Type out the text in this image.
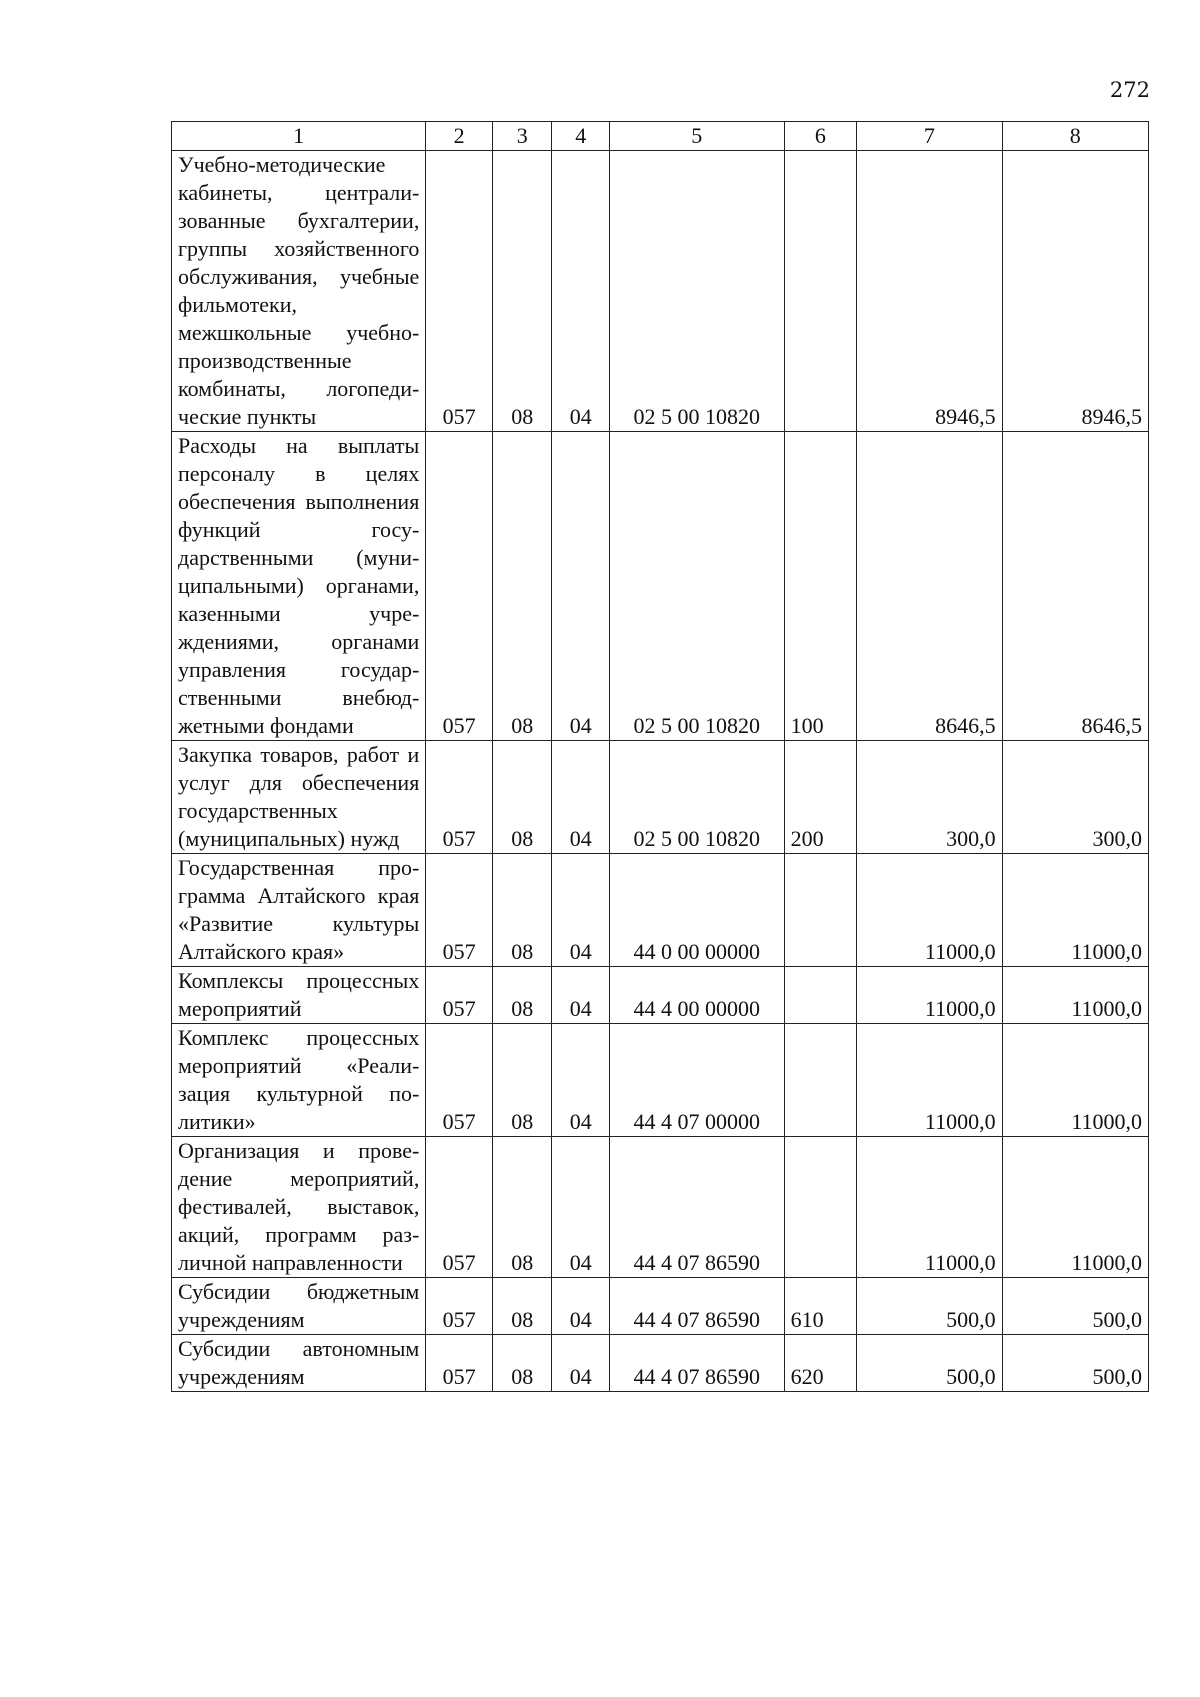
272
1	2	3	4	5	6	7	8
Учебно-методические кабинеты, централизованные бухгалтерии, группы хозяйственного обслуживания, учебные фильмотеки, межшкольные учебно-производственные комбинаты, логопедические пункты	057	08	04	02 5 00 10820		8946,5	8946,5
Расходы на выплаты персоналу в целях обеспечения выполнения функций государственными (муниципальными) органами, казенными учреждениями, органами управления государственными внебюджетными фондами	057	08	04	02 5 00 10820	100	8646,5	8646,5
Закупка товаров, работ и услуг для обеспечения государственных (муниципальных) нужд	057	08	04	02 5 00 10820	200	300,0	300,0
Государственная программа Алтайского края «Развитие культуры Алтайского края»	057	08	04	44 0 00 00000		11000,0	11000,0
Комплексы процессных мероприятий	057	08	04	44 4 00 00000		11000,0	11000,0
Комплекс процессных мероприятий «Реализация культурной политики»	057	08	04	44 4 07 00000		11000,0	11000,0
Организация и проведение мероприятий, фестивалей, выставок, акций, программ различной направленности	057	08	04	44 4 07 86590		11000,0	11000,0
Субсидии бюджетным учреждениям	057	08	04	44 4 07 86590	610	500,0	500,0
Субсидии автономным учреждениям	057	08	04	44 4 07 86590	620	500,0	500,0
